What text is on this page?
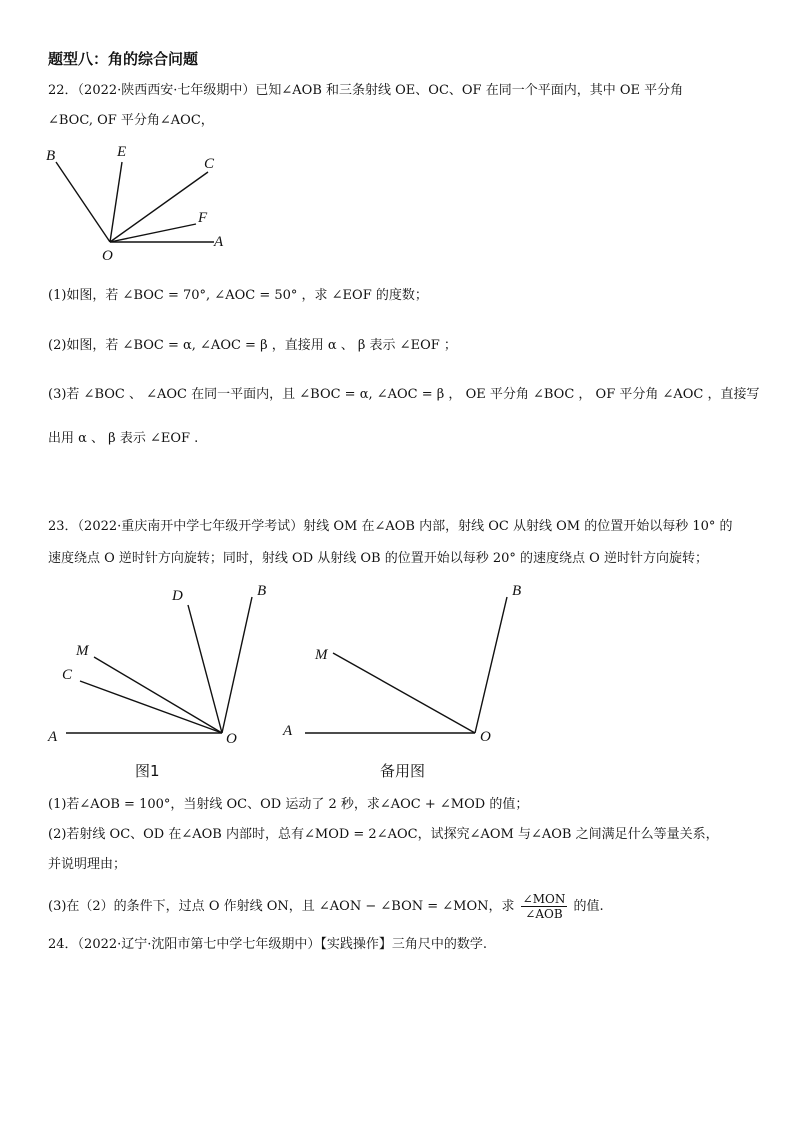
题型八：角的综合问题
22．（2022·陕西西安·七年级期中）已知∠AOB 和三条射线 OE、OC、OF 在同一个平面内，其中 OE 平分角
∠BOC, OF 平分角∠AOC，
B	E
C
F
O
A
(1)如图，若 ∠BOC = 70°, ∠AOC = 50° ，求 ∠EOF 的度数；
(2)如图，若 ∠BOC = α, ∠AOC = β ，直接用 α 、 β 表示 ∠EOF ；
(3)若 ∠BOC 、 ∠AOC 在同一平面内，且 ∠BOC = α, ∠AOC = β ， OE 平分角 ∠BOC ， OF 平分角 ∠AOC ，直接写
出用 α 、 β 表示 ∠EOF .
23．（2022·重庆南开中学七年级开学考试）射线 OM 在∠AOB 内部，射线 OC 从射线 OM 的位置开始以每秒 10° 的
速度绕点 O 逆时针方向旋转；同时，射线 OD 从射线 OB 的位置开始以每秒 20° 的速度绕点 O 逆时针方向旋转；
D	B
M
C
A	O
图1
B
M
A	O
备用图
(1)若∠AOB = 100°，当射线 OC、OD 运动了 2 秒，求∠AOC + ∠MOD 的值；
(2)若射线 OC、OD 在∠AOB 内部时，总有∠MOD = 2∠AOC，试探究∠AOM 与∠AOB 之间满足什么等量关系，
并说明理由；
(3)在（2）的条件下，过点 O 作射线 ON，且 ∠AON − ∠BON = ∠MON，求 $\frac{\text{∠MON}}{\text{∠AOB}}$ 的值.
24．（2022·辽宁·沈阳市第七中学七年级期中）【实践操作】三角尺中的数学.
